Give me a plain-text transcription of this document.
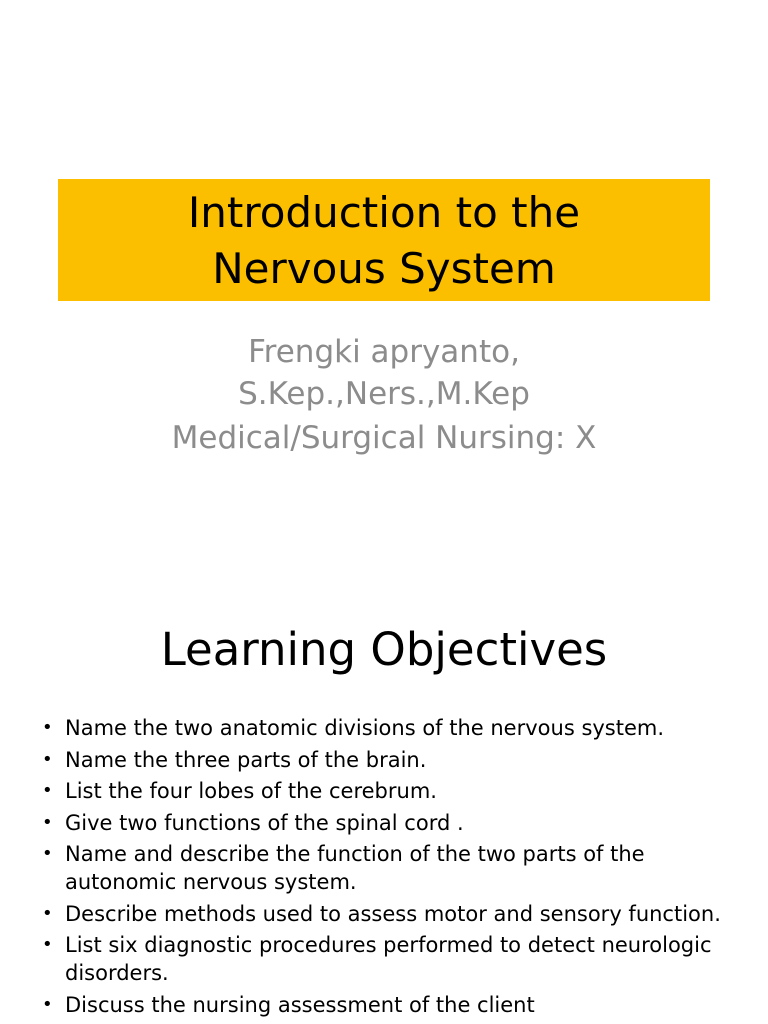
Introduction to the
Nervous System
Frengki apryanto,
S.Kep.,Ners.,M.Kep
Medical/Surgical Nursing: X
Learning Objectives
• Name the two anatomic divisions of the nervous system.
• Name the three parts of the brain.
• List the four lobes of the cerebrum.
• Give two functions of the spinal cord .
• Name and describe the function of the two parts of the autonomic nervous system.
• Describe methods used to assess motor and sensory function.
• List six diagnostic procedures performed to detect neurologic disorders.
• Discuss the nursing assessment of the client
